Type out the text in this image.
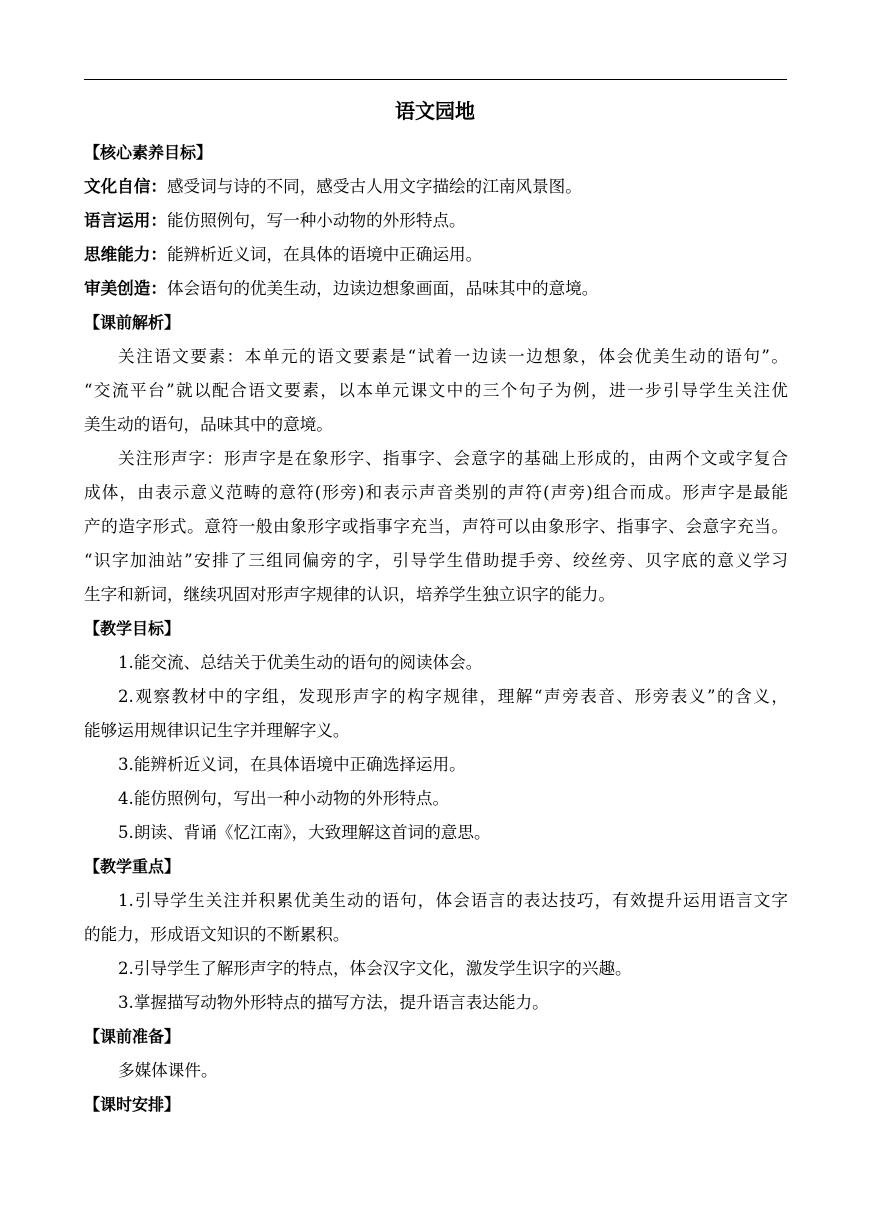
语文园地
【核心素养目标】
文化自信：感受词与诗的不同，感受古人用文字描绘的江南风景图。
语言运用：能仿照例句，写一种小动物的外形特点。
思维能力：能辨析近义词，在具体的语境中正确运用。
审美创造：体会语句的优美生动，边读边想象画面，品味其中的意境。
【课前解析】
关注语文要素：本单元的语文要素是“试着一边读一边想象，体会优美生动的语句”。
“交流平台”就以配合语文要素，以本单元课文中的三个句子为例，进一步引导学生关注优
美生动的语句，品味其中的意境。
关注形声字：形声字是在象形字、指事字、会意字的基础上形成的，由两个文或字复合
成体，由表示意义范畴的意符(形旁)和表示声音类别的声符(声旁)组合而成。形声字是最能
产的造字形式。意符一般由象形字或指事字充当，声符可以由象形字、指事字、会意字充当。
“识字加油站”安排了三组同偏旁的字，引导学生借助提手旁、绞丝旁、贝字底的意义学习
生字和新词，继续巩固对形声字规律的认识，培养学生独立识字的能力。
【教学目标】
1.能交流、总结关于优美生动的语句的阅读体会。
2.观察教材中的字组，发现形声字的构字规律，理解“声旁表音、形旁表义”的含义，
能够运用规律识记生字并理解字义。
3.能辨析近义词，在具体语境中正确选择运用。
4.能仿照例句，写出一种小动物的外形特点。
5.朗读、背诵《忆江南》，大致理解这首词的意思。
【教学重点】
1.引导学生关注并积累优美生动的语句，体会语言的表达技巧，有效提升运用语言文字
的能力，形成语文知识的不断累积。
2.引导学生了解形声字的特点，体会汉字文化，激发学生识字的兴趣。
3.掌握描写动物外形特点的描写方法，提升语言表达能力。
【课前准备】
多媒体课件。
【课时安排】
